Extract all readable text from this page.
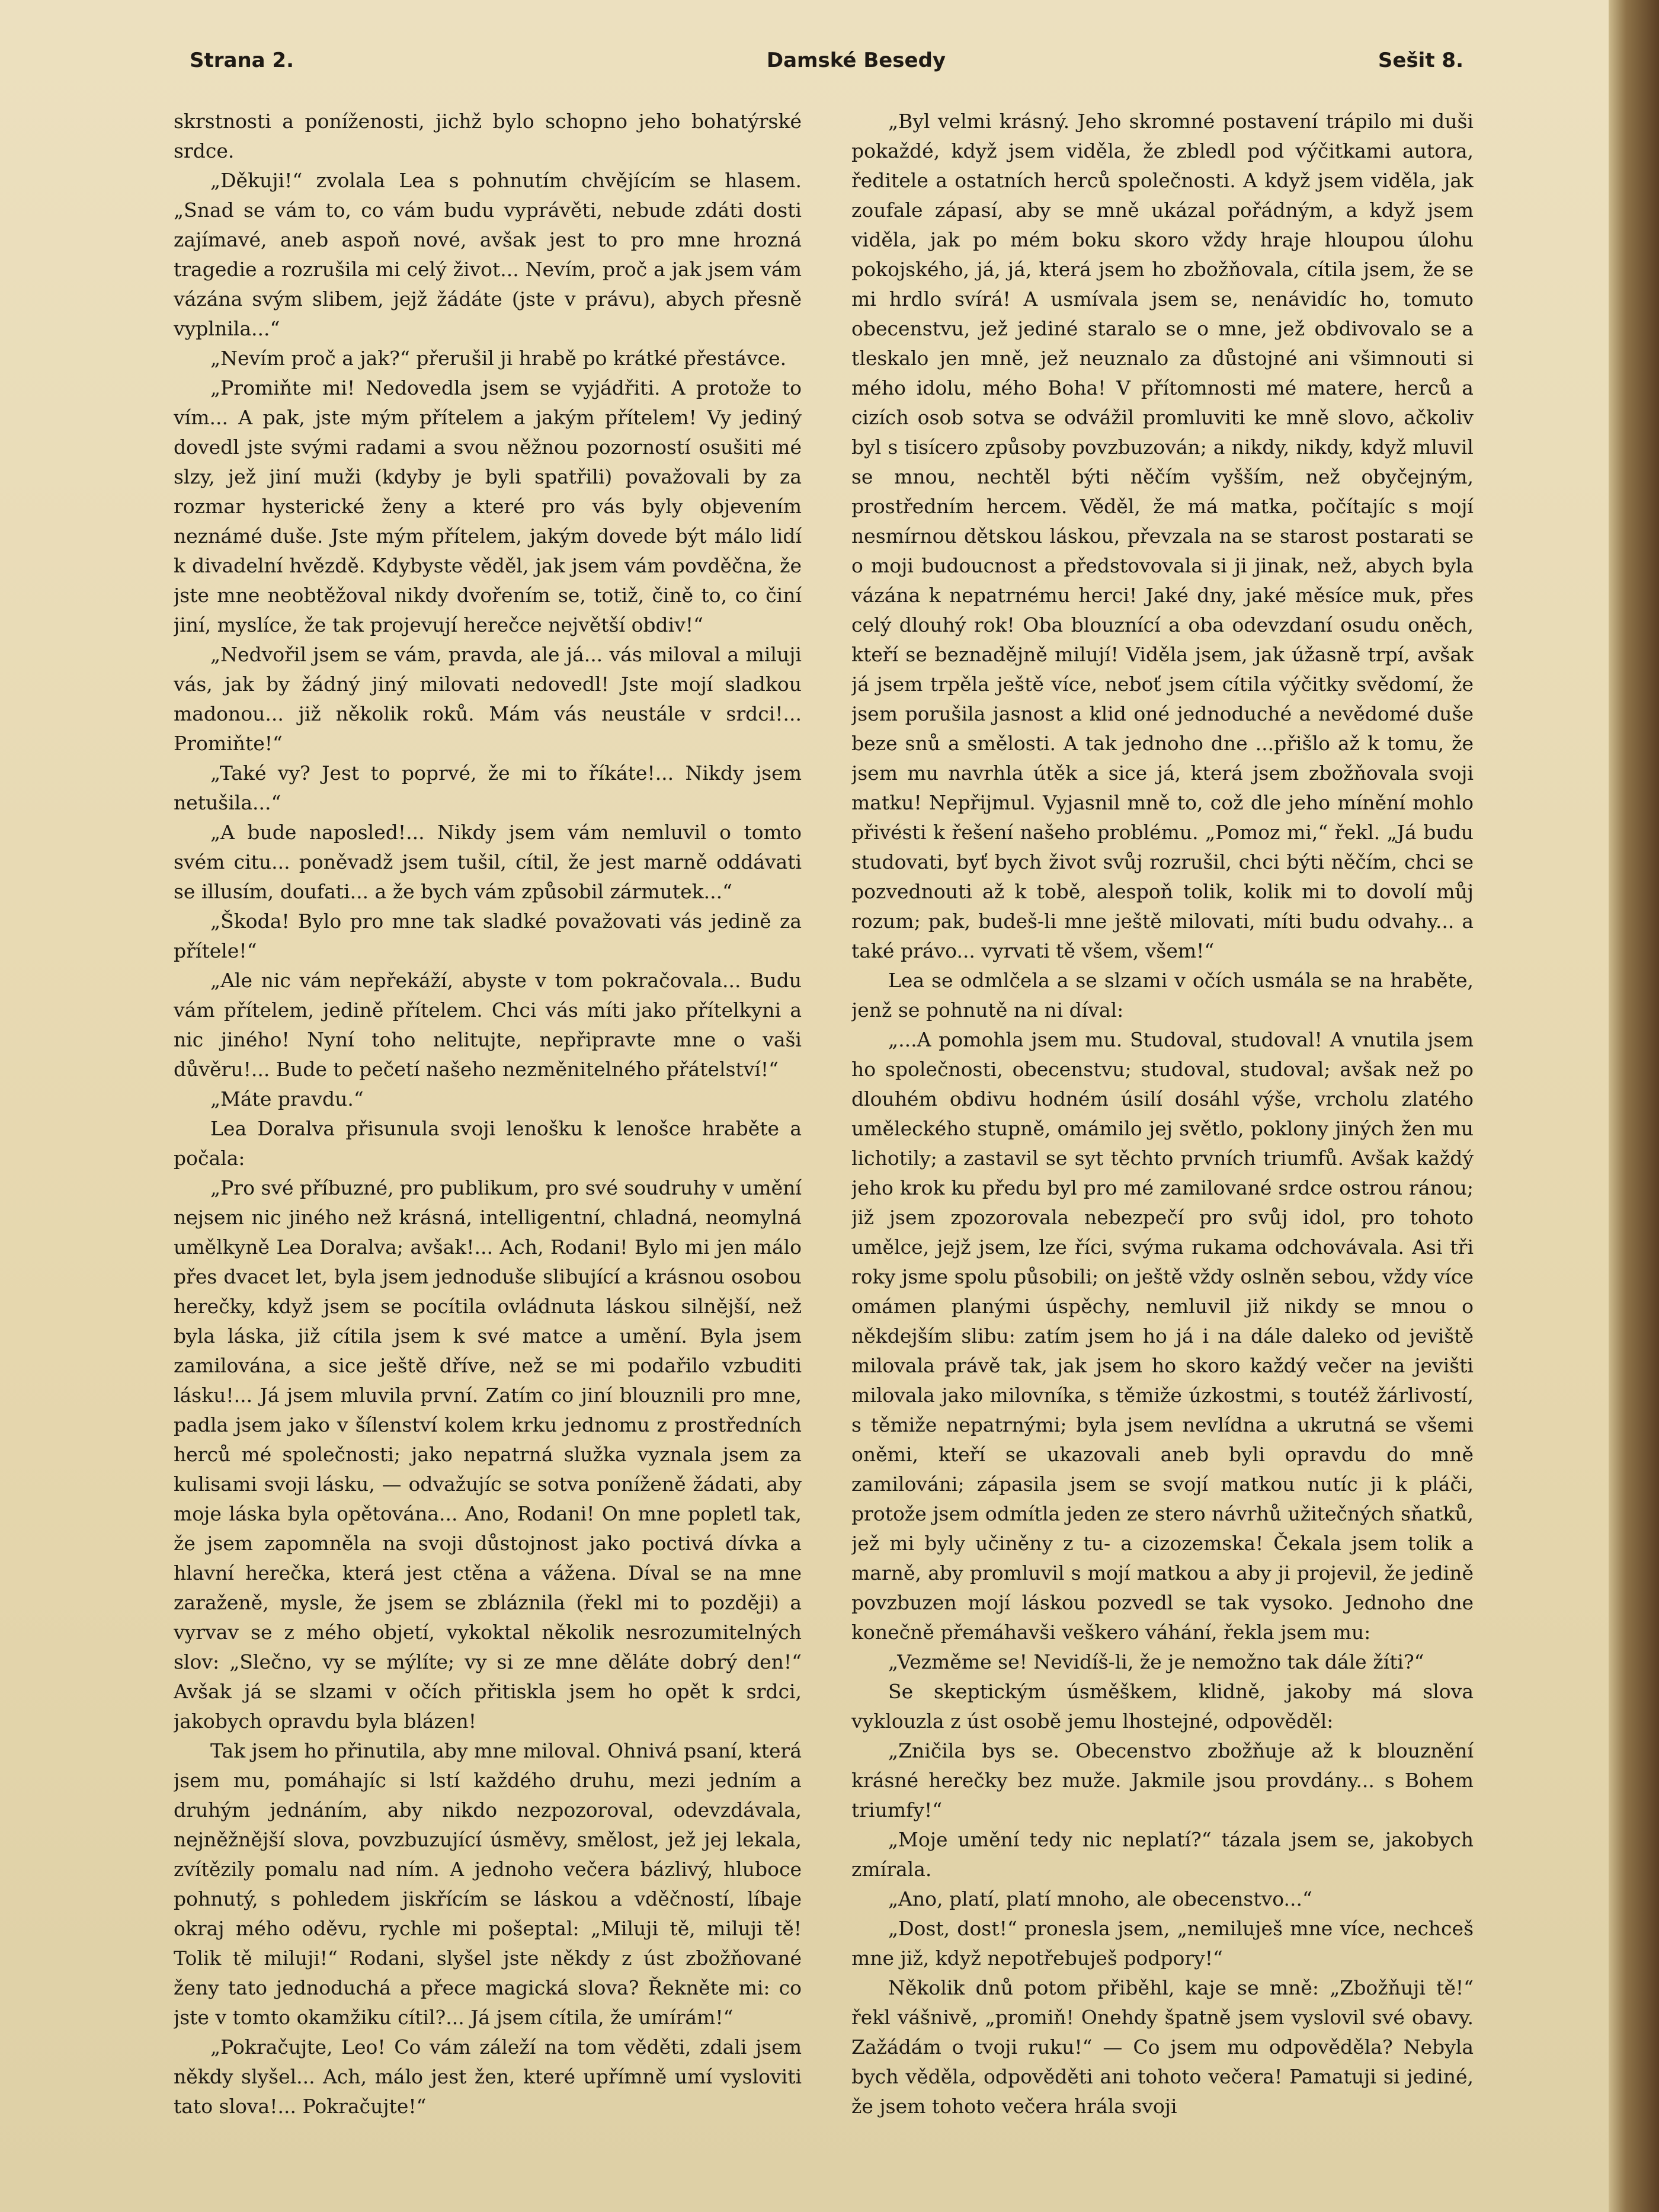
Strana 2.	Damské Besedy	Sešit 8.

skrstnosti a poníženosti, jichž bylo schopno jeho bohatýrské srdce.

„Děkuji!“ zvolala Lea s pohnutím chvějícím se hlasem. „Snad se vám to, co vám budu vyprávěti, nebude zdáti dosti zajímavé, aneb aspoň nové, avšak jest to pro mne hrozná tragedie a rozrušila mi celý život... Nevím, proč a jak jsem vám vázána svým slibem, jejž žádáte (jste v právu), abych přesně vyplnila...“

„Nevím proč a jak?“ přerušil ji hrabě po krátké přestávce.

„Promiňte mi! Nedovedla jsem se vyjádřiti. A protože to vím... A pak, jste mým přítelem a jakým přítelem! Vy jediný dovedl jste svými radami a svou něžnou pozorností osušiti mé slzy, jež jiní muži (kdyby je byli spatřili) považovali by za rozmar hysterické ženy a které pro vás byly objevením neznámé duše. Jste mým přítelem, jakým dovede být málo lidí k divadelní hvězdě. Kdybyste věděl, jak jsem vám povděčna, že jste mne neobtěžoval nikdy dvořením se, totiž, čině to, co činí jiní, myslíce, že tak projevují herečce největší obdiv!“

„Nedvořil jsem se vám, pravda, ale já... vás miloval a miluji vás, jak by žádný jiný milovati nedovedl! Jste mojí sladkou madonou... již několik roků. Mám vás neustále v srdci!... Promiňte!“

„Také vy? Jest to poprvé, že mi to říkáte!... Nikdy jsem netušila...“

„A bude naposled!... Nikdy jsem vám nemluvil o tomto svém citu... poněvadž jsem tušil, cítil, že jest marně oddávati se illusím, doufati... a že bych vám způsobil zármutek...“

„Škoda! Bylo pro mne tak sladké považovati vás jedině za přítele!“

„Ale nic vám nepřekáží, abyste v tom pokračovala... Budu vám přítelem, jedině přítelem. Chci vás míti jako přítelkyni a nic jiného! Nyní toho nelitujte, nepřipravte mne o vaši důvěru!... Bude to pečetí našeho nezměnitelného přátelství!“

„Máte pravdu.“

Lea Doralva přisunula svoji lenošku k lenošce hraběte a počala:

„Pro své příbuzné, pro publikum, pro své soudruhy v umění nejsem nic jiného než krásná, intelligentní, chladná, neomylná umělkyně Lea Doralva; avšak!... Ach, Rodani! Bylo mi jen málo přes dvacet let, byla jsem jednoduše slibující a krásnou osobou herečky, když jsem se pocítila ovládnuta láskou silnější, než byla láska, již cítila jsem k své matce a umění. Byla jsem zamilována, a sice ještě dříve, než se mi podařilo vzbuditi lásku!... Já jsem mluvila první. Zatím co jiní blouznili pro mne, padla jsem jako v šílenství kolem krku jednomu z prostředních herců mé společnosti; jako nepatrná služka vyznala jsem za kulisami svoji lásku, — odvažujíc se sotva poníženě žádati, aby moje láska byla opětována... Ano, Rodani! On mne popletl tak, že jsem zapomněla na svoji důstojnost jako poctivá dívka a hlavní herečka, která jest ctěna a vážena. Díval se na mne zaraženě, mysle, že jsem se zbláznila (řekl mi to později) a vyrvav se z mého objetí, vykoktal několik nesrozumitelných slov: „Slečno, vy se mýlíte; vy si ze mne děláte dobrý den!“ Avšak já se slzami v očích přitiskla jsem ho opět k srdci, jakobych opravdu byla blázen!

Tak jsem ho přinutila, aby mne miloval. Ohnivá psaní, která jsem mu, pomáhajíc si lstí každého druhu, mezi jedním a druhým jednáním, aby nikdo nezpozoroval, odevzdávala, nejněžnější slova, povzbuzující úsměvy, smělost, jež jej lekala, zvítězily pomalu nad ním. A jednoho večera bázlivý, hluboce pohnutý, s pohledem jiskřícím se láskou a vděčností, líbaje okraj mého oděvu, rychle mi pošeptal: „Miluji tě, miluji tě! Tolik tě miluji!“ Rodani, slyšel jste někdy z úst zbožňované ženy tato jednoduchá a přece magická slova? Řekněte mi: co jste v tomto okamžiku cítil?... Já jsem cítila, že umírám!“

„Pokračujte, Leo! Co vám záleží na tom věděti, zdali jsem někdy slyšel... Ach, málo jest žen, které upřímně umí vysloviti tato slova!... Pokračujte!“

„Byl velmi krásný. Jeho skromné postavení trápilo mi duši pokaždé, když jsem viděla, že zbledl pod výčitkami autora, ředitele a ostatních herců společnosti. A když jsem viděla, jak zoufale zápasí, aby se mně ukázal pořádným, a když jsem viděla, jak po mém boku skoro vždy hraje hloupou úlohu pokojského, já, já, která jsem ho zbožňovala, cítila jsem, že se mi hrdlo svírá! A usmívala jsem se, nenávidíc ho, tomuto obecenstvu, jež jediné staralo se o mne, jež obdivovalo se a tleskalo jen mně, jež neuznalo za důstojné ani všimnouti si mého idolu, mého Boha! V přítomnosti mé matere, herců a cizích osob sotva se odvážil promluviti ke mně slovo, ačkoliv byl s tisícero způsoby povzbuzován; a nikdy, nikdy, když mluvil se mnou, nechtěl býti něčím vyšším, než obyčejným, prostředním hercem. Věděl, že má matka, počítajíc s mojí nesmírnou dětskou láskou, převzala na se starost postarati se o moji budoucnost a předstovovala si ji jinak, než, abych byla vázána k nepatrnému herci! Jaké dny, jaké měsíce muk, přes celý dlouhý rok! Oba blouznící a oba odevzdaní osudu oněch, kteří se beznadějně milují! Viděla jsem, jak úžasně trpí, avšak já jsem trpěla ještě více, neboť jsem cítila výčitky svědomí, že jsem porušila jasnost a klid oné jednoduché a nevědomé duše beze snů a smělosti. A tak jednoho dne ...přišlo až k tomu, že jsem mu navrhla útěk a sice já, která jsem zbožňovala svoji matku! Nepřijmul. Vyjasnil mně to, což dle jeho mínění mohlo přivésti k řešení našeho problému. „Pomoz mi,“ řekl. „Já budu studovati, byť bych život svůj rozrušil, chci býti něčím, chci se pozvednouti až k tobě, alespoň tolik, kolik mi to dovolí můj rozum; pak, budeš-li mne ještě milovati, míti budu odvahy... a také právo... vyrvati tě všem, všem!“

Lea se odmlčela a se slzami v očích usmála se na hraběte, jenž se pohnutě na ni díval:

„...A pomohla jsem mu. Studoval, studoval! A vnutila jsem ho společnosti, obecenstvu; studoval, studoval; avšak než po dlouhém obdivu hodném úsilí dosáhl výše, vrcholu zlatého uměleckého stupně, omámilo jej světlo, poklony jiných žen mu lichotily; a zastavil se syt těchto prvních triumfů. Avšak každý jeho krok ku předu byl pro mé zamilované srdce ostrou ránou; již jsem zpozorovala nebezpečí pro svůj idol, pro tohoto umělce, jejž jsem, lze říci, svýma rukama odchovávala. Asi tři roky jsme spolu působili; on ještě vždy oslněn sebou, vždy více omámen planými úspěchy, nemluvil již nikdy se mnou o někdejším slibu: zatím jsem ho já i na dále daleko od jeviště milovala právě tak, jak jsem ho skoro každý večer na jevišti milovala jako milovníka, s těmiže úzkostmi, s toutéž žárlivostí, s těmiže nepatrnými; byla jsem nevlídna a ukrutná se všemi oněmi, kteří se ukazovali aneb byli opravdu do mně zamilováni; zápasila jsem se svojí matkou nutíc ji k pláči, protože jsem odmítla jeden ze stero návrhů užitečných sňatků, jež mi byly učiněny z tu- a cizozemska! Čekala jsem tolik a marně, aby promluvil s mojí matkou a aby ji projevil, že jedině povzbuzen mojí láskou pozvedl se tak vysoko. Jednoho dne konečně přemáhavši veškero váhání, řekla jsem mu:

„Vezměme se! Nevidíš-li, že je nemožno tak dále žíti?“

Se skeptickým úsměškem, klidně, jakoby má slova vyklouzla z úst osobě jemu lhostejné, odpověděl:

„Zničila bys se. Obecenstvo zbožňuje až k blouznění krásné herečky bez muže. Jakmile jsou provdány... s Bohem triumfy!“

„Moje umění tedy nic neplatí?“ tázala jsem se, jakobych zmírala.

„Ano, platí, platí mnoho, ale obecenstvo...“

„Dost, dost!“ pronesla jsem, „nemiluješ mne více, nechceš mne již, když nepotřebuješ podpory!“

Několik dnů potom přiběhl, kaje se mně: „Zbožňuji tě!“ řekl vášnivě, „promiň! Onehdy špatně jsem vyslovil své obavy. Zažádám o tvoji ruku!“ — Co jsem mu odpověděla? Nebyla bych věděla, odpověděti ani tohoto večera! Pamatuji si jediné, že jsem tohoto večera hrála svoji
